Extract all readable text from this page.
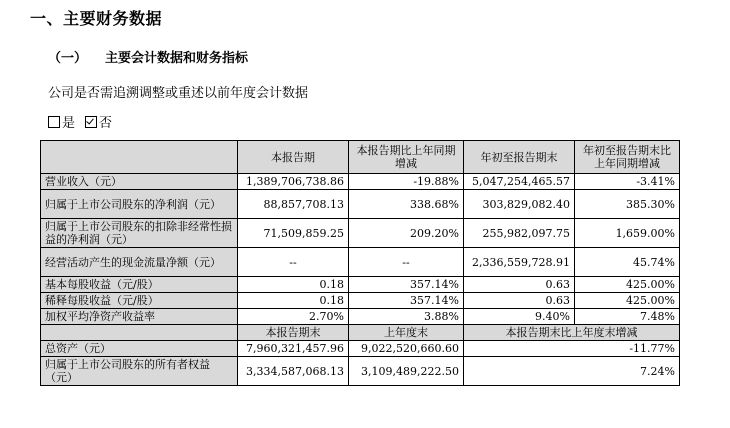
一、主要财务数据
（一） 主要会计数据和财务指标
公司是否需追溯调整或重述以前年度会计数据
是 否
	本报告期	本报告期比上年同期增减	年初至报告期末	年初至报告期末比上年同期增减
营业收入（元）	1,389,706,738.86	-19.88%	5,047,254,465.57	-3.41%
归属于上市公司股东的净利润（元）	88,857,708.13	338.68%	303,829,082.40	385.30%
归属于上市公司股东的扣除非经常性损益的净利润（元）	71,509,859.25	209.20%	255,982,097.75	1,659.00%
经营活动产生的现金流量净额（元）	--	--	2,336,559,728.91	45.74%
基本每股收益（元/股）	0.18	357.14%	0.63	425.00%
稀释每股收益（元/股）	0.18	357.14%	0.63	425.00%
加权平均净资产收益率	2.70%	3.88%	9.40%	7.48%
	本报告期末	上年度末	本报告期末比上年度末增减	
总资产（元）	7,960,321,457.96	9,022,520,660.60	-11.77%	
归属于上市公司股东的所有者权益（元）	3,334,587,068.13	3,109,489,222.50	7.24%	
